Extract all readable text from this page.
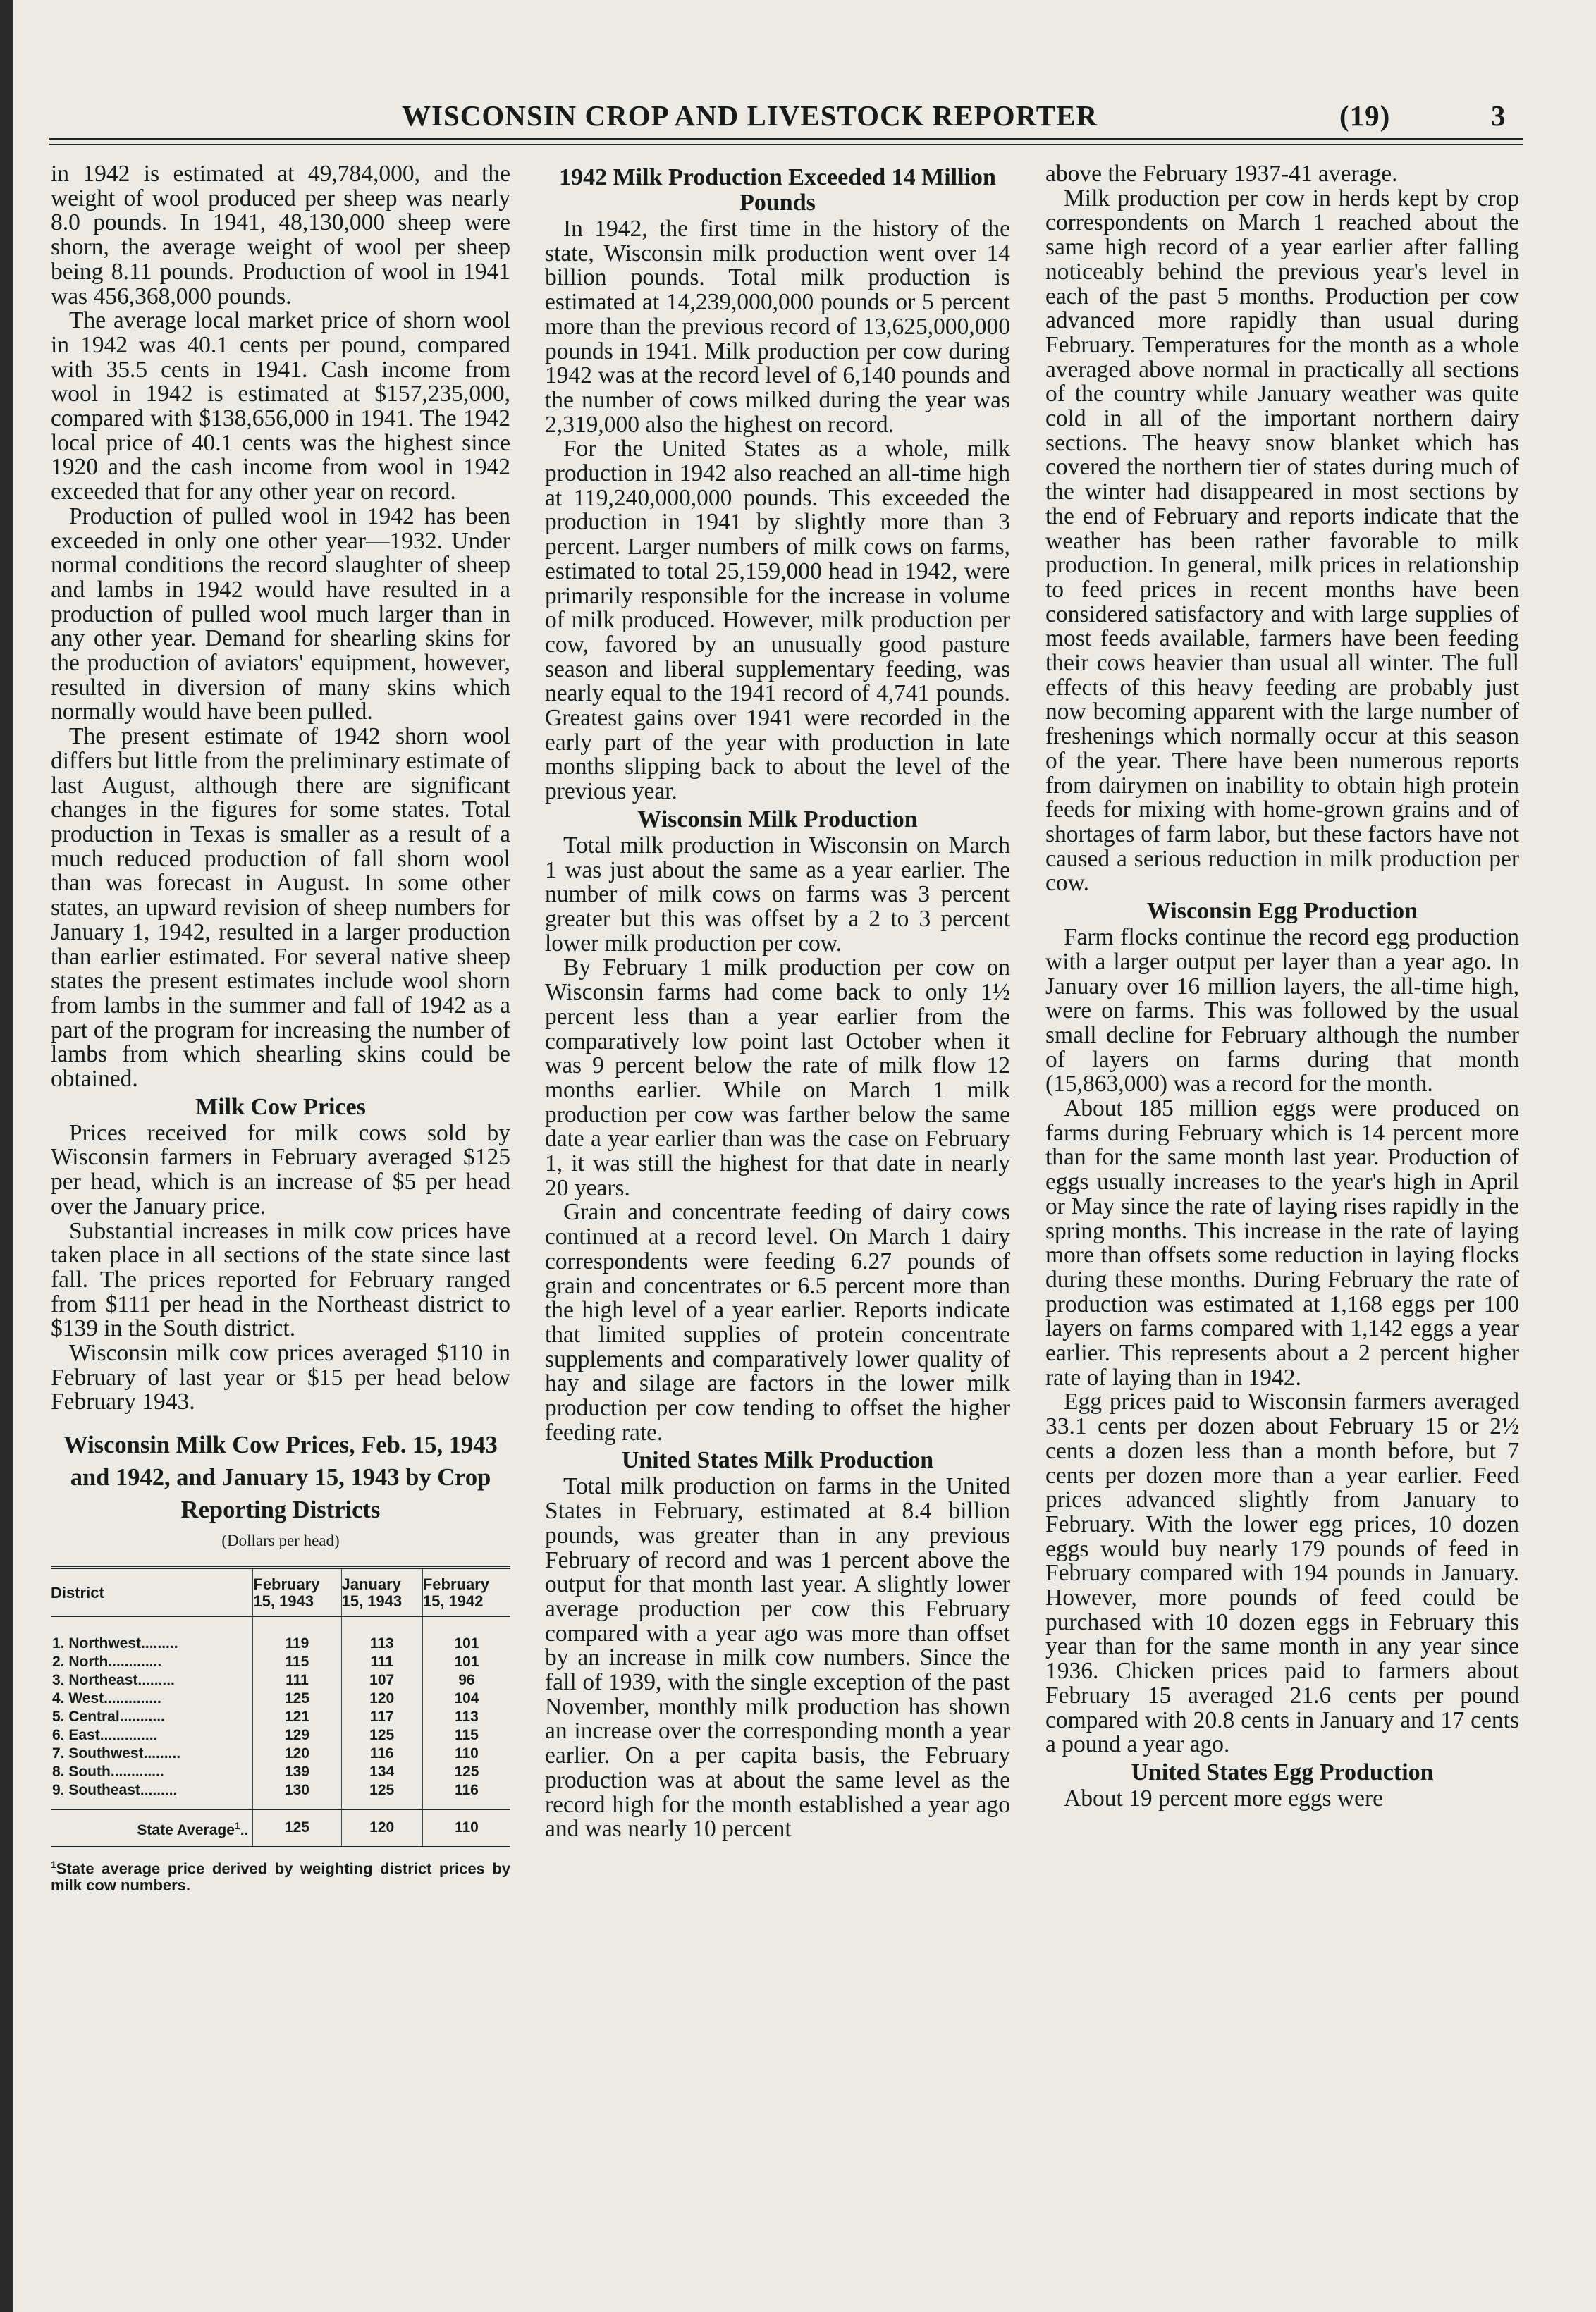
WISCONSIN CROP AND LIVESTOCK REPORTER	(19)	3

in 1942 is estimated at 49,784,000, and the weight of wool produced per sheep was nearly 8.0 pounds. In 1941, 48,130,000 sheep were shorn, the average weight of wool per sheep being 8.11 pounds. Production of wool in 1941 was 456,368,000 pounds.

The average local market price of shorn wool in 1942 was 40.1 cents per pound, compared with 35.5 cents in 1941. Cash income from wool in 1942 is estimated at $157,235,000, compared with $138,656,000 in 1941. The 1942 local price of 40.1 cents was the highest since 1920 and the cash income from wool in 1942 exceeded that for any other year on record.

Production of pulled wool in 1942 has been exceeded in only one other year—1932. Under normal conditions the record slaughter of sheep and lambs in 1942 would have resulted in a production of pulled wool much larger than in any other year. Demand for shearling skins for the production of aviators' equipment, however, resulted in diversion of many skins which normally would have been pulled.

The present estimate of 1942 shorn wool differs but little from the preliminary estimate of last August, although there are significant changes in the figures for some states. Total production in Texas is smaller as a result of a much reduced production of fall shorn wool than was forecast in August. In some other states, an upward revision of sheep numbers for January 1, 1942, resulted in a larger production than earlier estimated. For several native sheep states the present estimates include wool shorn from lambs in the summer and fall of 1942 as a part of the program for increasing the number of lambs from which shearling skins could be obtained.

Milk Cow Prices

Prices received for milk cows sold by Wisconsin farmers in February averaged $125 per head, which is an increase of $5 per head over the January price.

Substantial increases in milk cow prices have taken place in all sections of the state since last fall. The prices reported for February ranged from $111 per head in the Northeast district to $139 in the South district.

Wisconsin milk cow prices averaged $110 in February of last year or $15 per head below February 1943.

Wisconsin Milk Cow Prices, Feb. 15, 1943 and 1942, and January 15, 1943 by Crop Reporting Districts
(Dollars per head)
District	February 15, 1943	January 15, 1943	February 15, 1942
1. Northwest.........	119	113	101
2. North.............	115	111	101
3. Northeast.........	111	107	96
4. West..............	125	120	104
5. Central...........	121	117	113
6. East..............	129	125	115
7. Southwest.........	120	116	110
8. South.............	139	134	125
9. Southeast.........	130	125	116
State Average$^1$..	125	120	110
$^1$State average price derived by weighting district prices by milk cow numbers.
1942 Milk Production Exceeded 14 Million Pounds

In 1942, the first time in the history of the state, Wisconsin milk production went over 14 billion pounds. Total milk production is estimated at 14,239,000,000 pounds or 5 percent more than the previous record of 13,625,000,000 pounds in 1941. Milk production per cow during 1942 was at the record level of 6,140 pounds and the number of cows milked during the year was 2,319,000 also the highest on record.

For the United States as a whole, milk production in 1942 also reached an all-time high at 119,240,000,000 pounds. This exceeded the production in 1941 by slightly more than 3 percent. Larger numbers of milk cows on farms, estimated to total 25,159,000 head in 1942, were primarily responsible for the increase in volume of milk produced. However, milk production per cow, favored by an unusually good pasture season and liberal supplementary feeding, was nearly equal to the 1941 record of 4,741 pounds. Greatest gains over 1941 were recorded in the early part of the year with production in late months slipping back to about the level of the previous year.

Wisconsin Milk Production

Total milk production in Wisconsin on March 1 was just about the same as a year earlier. The number of milk cows on farms was 3 percent greater but this was offset by a 2 to 3 percent lower milk production per cow.

By February 1 milk production per cow on Wisconsin farms had come back to only 1½ percent less than a year earlier from the comparatively low point last October when it was 9 percent below the rate of milk flow 12 months earlier. While on March 1 milk production per cow was farther below the same date a year earlier than was the case on February 1, it was still the highest for that date in nearly 20 years.

Grain and concentrate feeding of dairy cows continued at a record level. On March 1 dairy correspondents were feeding 6.27 pounds of grain and concentrates or 6.5 percent more than the high level of a year earlier. Reports indicate that limited supplies of protein concentrate supplements and comparatively lower quality of hay and silage are factors in the lower milk production per cow tending to offset the higher feeding rate.

United States Milk Production

Total milk production on farms in the United States in February, estimated at 8.4 billion pounds, was greater than in any previous February of record and was 1 percent above the output for that month last year. A slightly lower average production per cow this February compared with a year ago was more than offset by an increase in milk cow numbers. Since the fall of 1939, with the single exception of the past November, monthly milk production has shown an increase over the corresponding month a year earlier. On a per capita basis, the February production was at about the same level as the record high for the month established a year ago and was nearly 10 percent

above the February 1937-41 average.

Milk production per cow in herds kept by crop correspondents on March 1 reached about the same high record of a year earlier after falling noticeably behind the previous year's level in each of the past 5 months. Production per cow advanced more rapidly than usual during February. Temperatures for the month as a whole averaged above normal in practically all sections of the country while January weather was quite cold in all of the important northern dairy sections. The heavy snow blanket which has covered the northern tier of states during much of the winter had disappeared in most sections by the end of February and reports indicate that the weather has been rather favorable to milk production. In general, milk prices in relationship to feed prices in recent months have been considered satisfactory and with large supplies of most feeds available, farmers have been feeding their cows heavier than usual all winter. The full effects of this heavy feeding are probably just now becoming apparent with the large number of freshenings which normally occur at this season of the year. There have been numerous reports from dairymen on inability to obtain high protein feeds for mixing with home-grown grains and of shortages of farm labor, but these factors have not caused a serious reduction in milk production per cow.

Wisconsin Egg Production

Farm flocks continue the record egg production with a larger output per layer than a year ago. In January over 16 million layers, the all-time high, were on farms. This was followed by the usual small decline for February although the number of layers on farms during that month (15,863,000) was a record for the month.

About 185 million eggs were produced on farms during February which is 14 percent more than for the same month last year. Production of eggs usually increases to the year's high in April or May since the rate of laying rises rapidly in the spring months. This increase in the rate of laying more than offsets some reduction in laying flocks during these months. During February the rate of production was estimated at 1,168 eggs per 100 layers on farms compared with 1,142 eggs a year earlier. This represents about a 2 percent higher rate of laying than in 1942.

Egg prices paid to Wisconsin farmers averaged 33.1 cents per dozen about February 15 or 2½ cents a dozen less than a month before, but 7 cents per dozen more than a year earlier. Feed prices advanced slightly from January to February. With the lower egg prices, 10 dozen eggs would buy nearly 179 pounds of feed in February compared with 194 pounds in January. However, more pounds of feed could be purchased with 10 dozen eggs in February this year than for the same month in any year since 1936. Chicken prices paid to farmers about February 15 averaged 21.6 cents per pound compared with 20.8 cents in January and 17 cents a pound a year ago.

United States Egg Production

About 19 percent more eggs were
